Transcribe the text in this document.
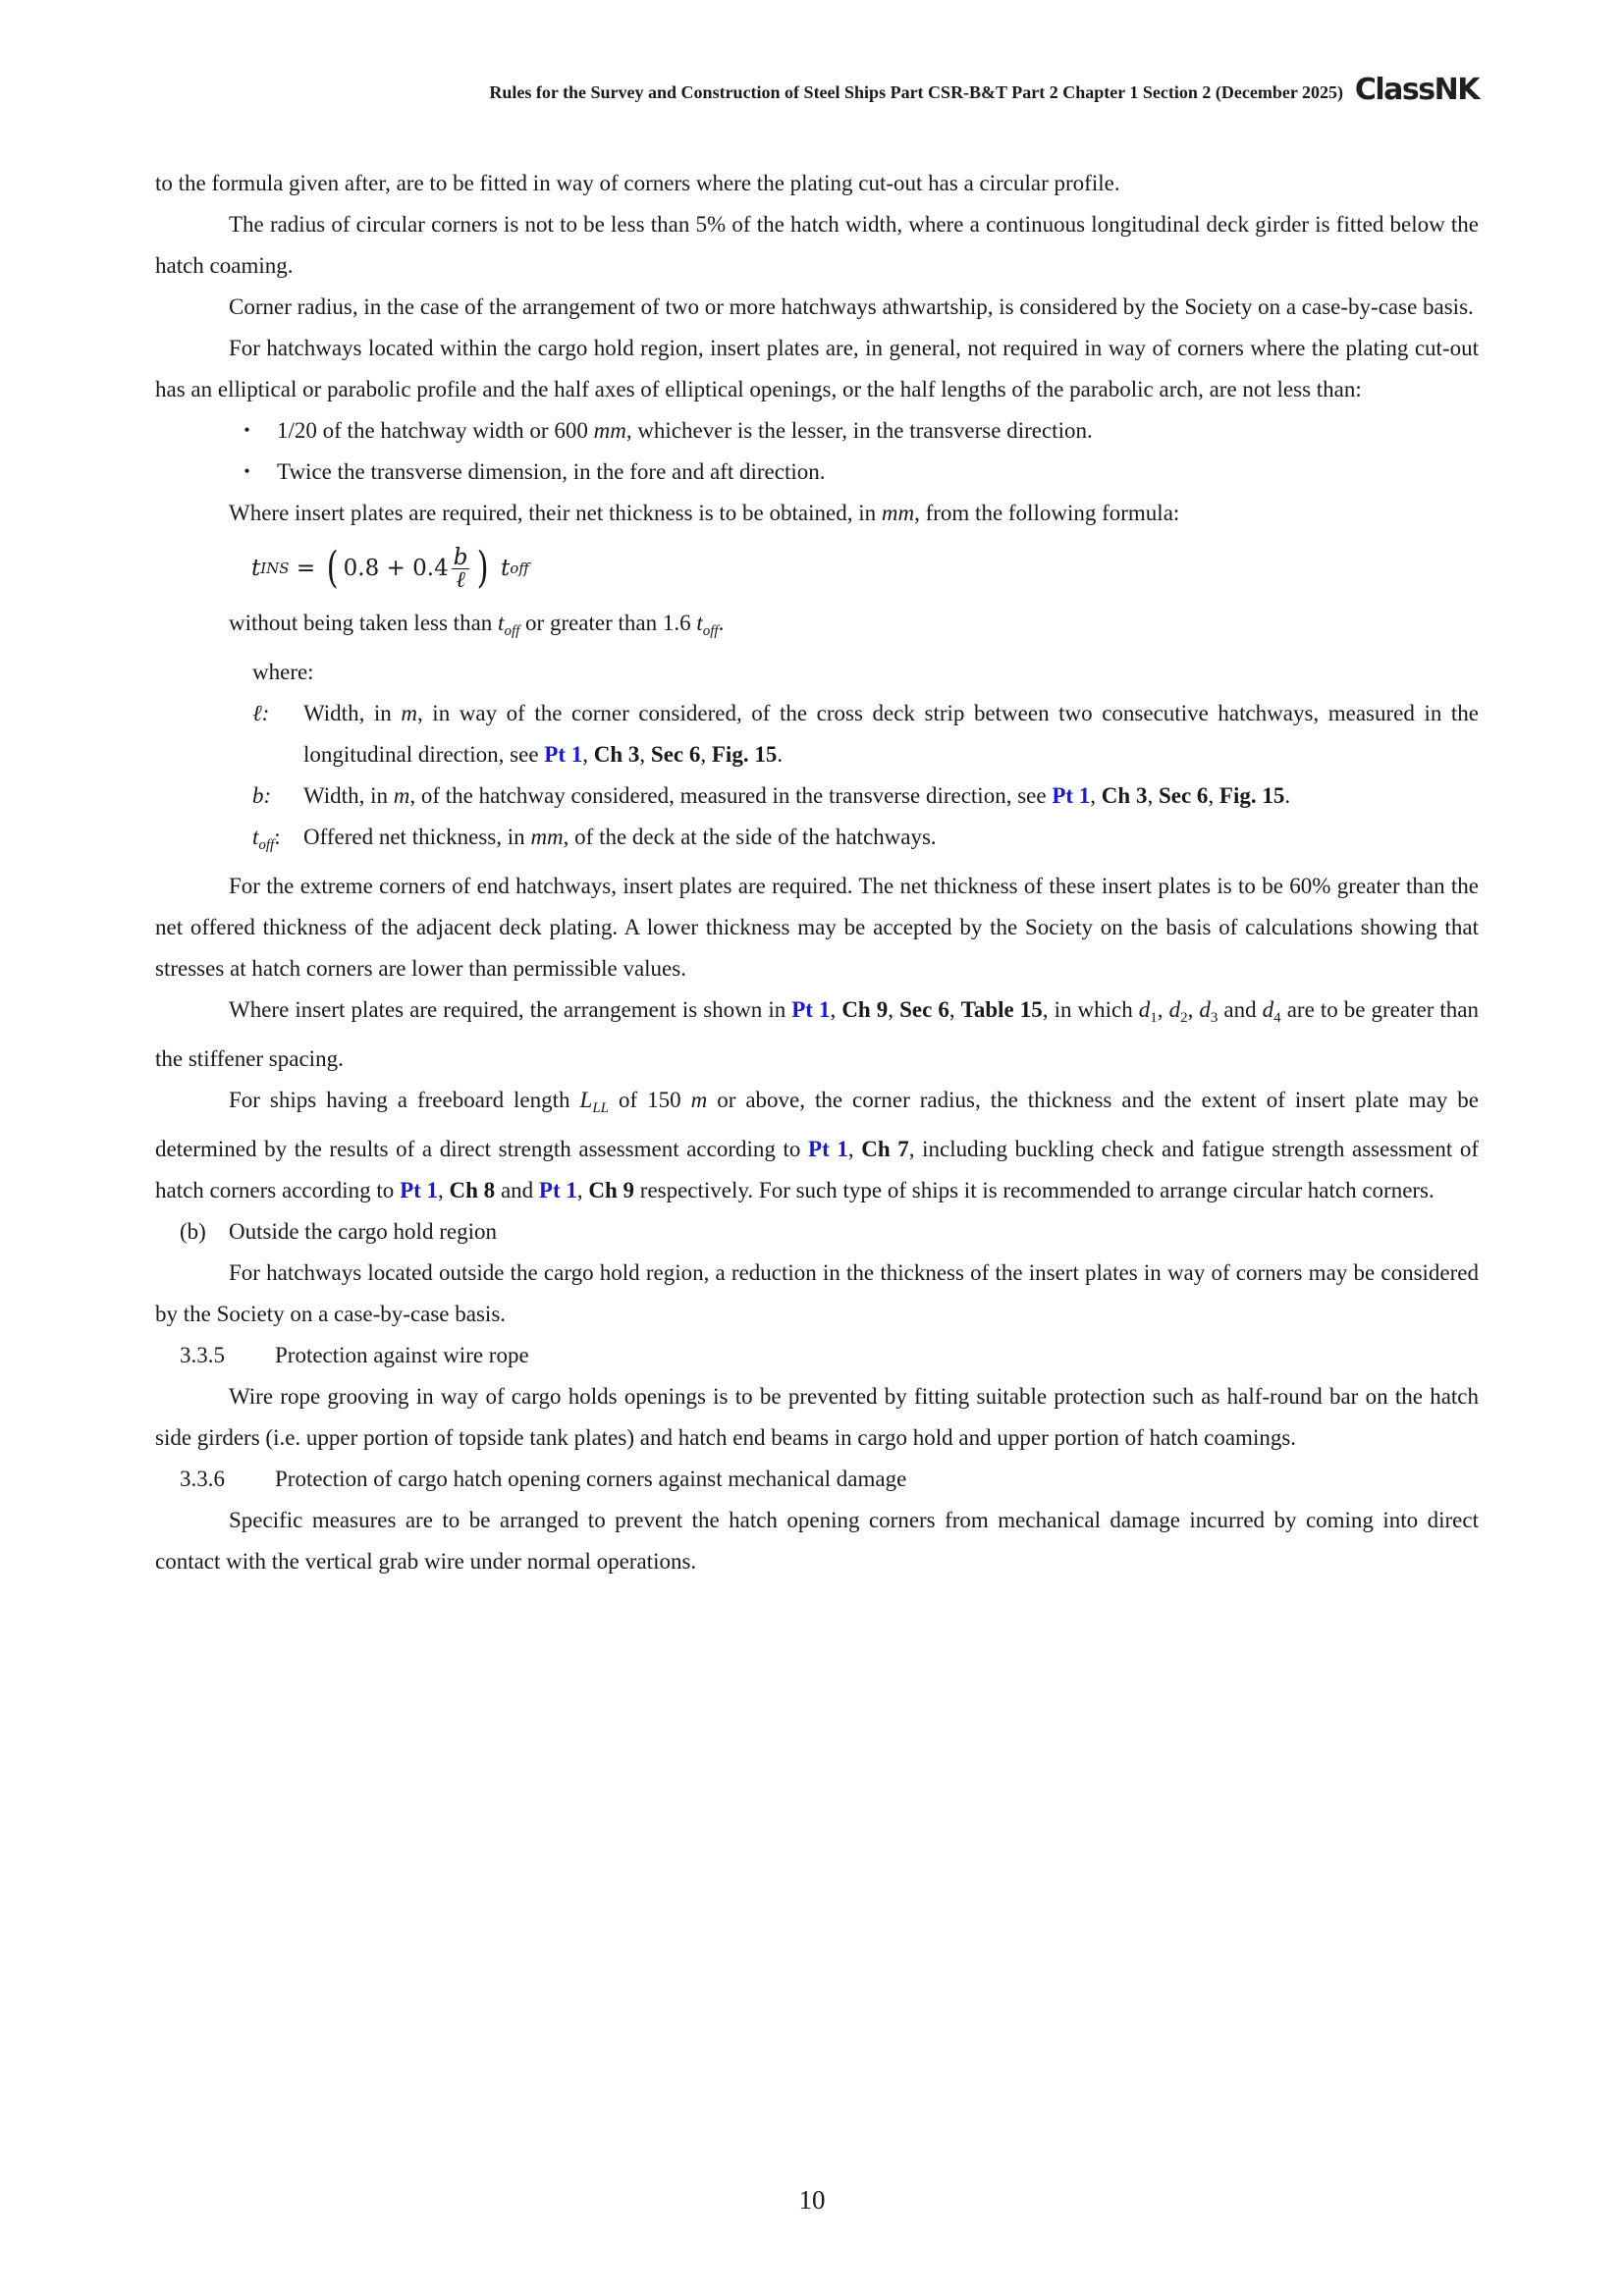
Rules for the Survey and Construction of Steel Ships Part CSR-B&T Part 2 Chapter 1 Section 2 (December 2025) ClassNK

to the formula given after, are to be fitted in way of corners where the plating cut-out has a circular profile.

The radius of circular corners is not to be less than 5% of the hatch width, where a continuous longitudinal deck girder is fitted below the hatch coaming.

Corner radius, in the case of the arrangement of two or more hatchways athwartship, is considered by the Society on a case-by-case basis.

For hatchways located within the cargo hold region, insert plates are, in general, not required in way of corners where the plating cut-out has an elliptical or parabolic profile and the half axes of elliptical openings, or the half lengths of the parabolic arch, are not less than:

・ 1/20 of the hatchway width or 600 mm, whichever is the lesser, in the transverse direction.
・ Twice the transverse dimension, in the fore and aft direction.

Where insert plates are required, their net thickness is to be obtained, in mm, from the following formula:

t INS = ( $0.8 + 0.4 \frac{b}{\text{ℓ}}$ )
t off

without being taken less than $t_{off}$ or greater than 1.6 $t_{off}$.

where:

ℓ:	Width, in m, in way of the corner considered, of the cross deck strip between two consecutive hatchways, measured in the longitudinal direction, see Pt 1, Ch 3, Sec 6, Fig. 15.
b:	Width, in m, of the hatchway considered, measured in the transverse direction, see Pt 1, Ch 3, Sec 6, Fig. 15.
$t_{off}$:	Offered net thickness, in mm, of the deck at the side of the hatchways.

For the extreme corners of end hatchways, insert plates are required. The net thickness of these insert plates is to be 60% greater than the net offered thickness of the adjacent deck plating. A lower thickness may be accepted by the Society on the basis of calculations showing that stresses at hatch corners are lower than permissible values.

Where insert plates are required, the arrangement is shown in Pt 1, Ch 9, Sec 6, Table 15, in which $d_1$, $d_2$, $d_3$ and $d_4$ are to be greater than the stiffener spacing.

For ships having a freeboard length $L_{LL}$ of 150 m or above, the corner radius, the thickness and the extent of insert plate may be determined by the results of a direct strength assessment according to Pt 1, Ch 7, including buckling check and fatigue strength assessment of hatch corners according to Pt 1, Ch 8 and Pt 1, Ch 9 respectively. For such type of ships it is recommended to arrange circular hatch corners.

(b) Outside the cargo hold region

For hatchways located outside the cargo hold region, a reduction in the thickness of the insert plates in way of corners may be considered by the Society on a case-by-case basis.

3.3.5 Protection against wire rope

Wire rope grooving in way of cargo holds openings is to be prevented by fitting suitable protection such as half-round bar on the hatch side girders (i.e. upper portion of topside tank plates) and hatch end beams in cargo hold and upper portion of hatch coamings.

3.3.6 Protection of cargo hatch opening corners against mechanical damage

Specific measures are to be arranged to prevent the hatch opening corners from mechanical damage incurred by coming into direct contact with the vertical grab wire under normal operations.

10
